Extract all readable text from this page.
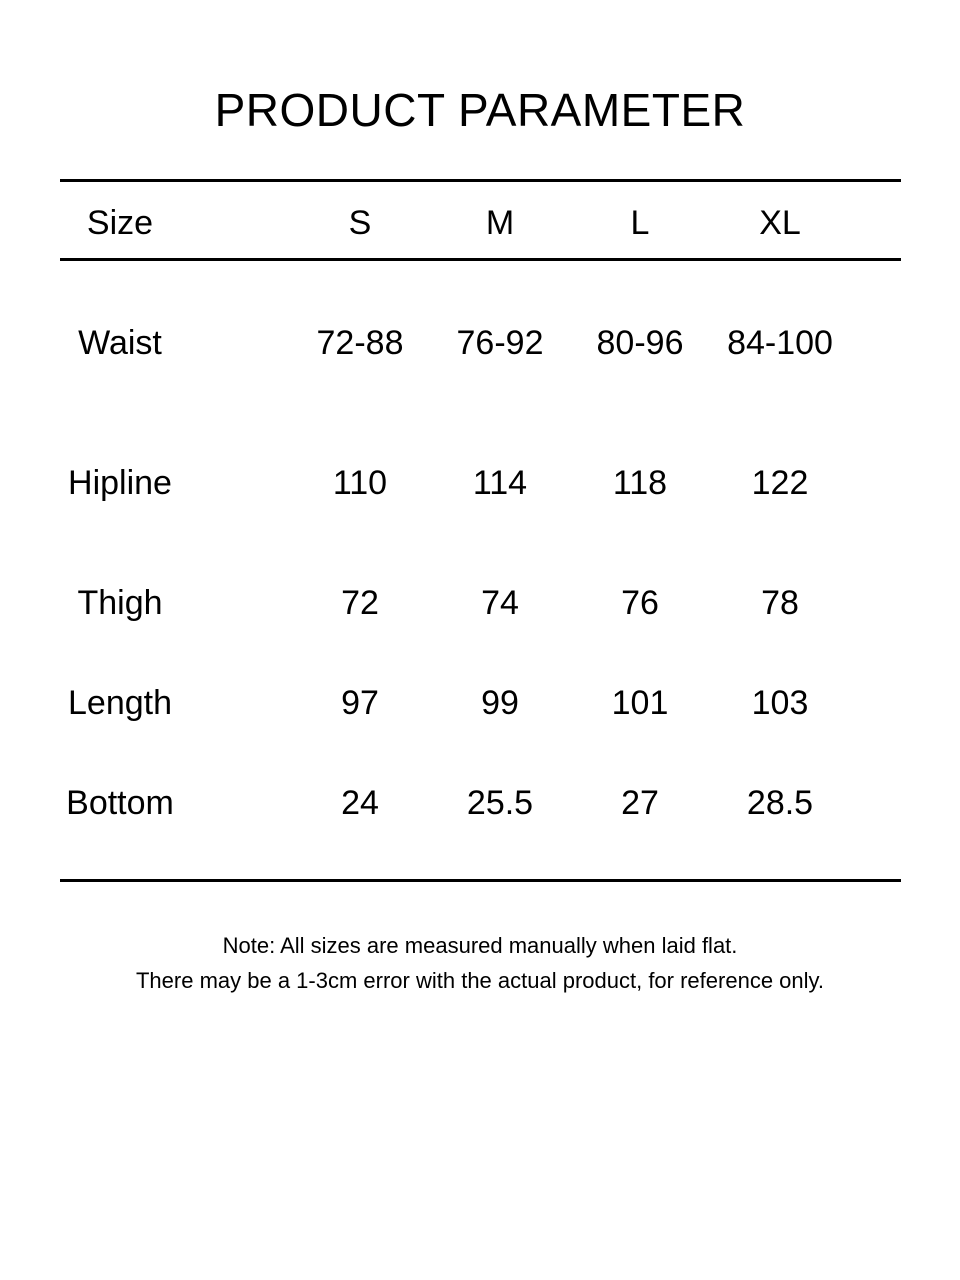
PRODUCT PARAMETER
Size	S	M	L	XL
Waist	72-88	76-92	80-96	84-100
Hipline	110	114	118	122
Thigh	72	74	76	78
Length	97	99	101	103
Bottom	24	25.5	27	28.5
Note: All sizes are measured manually when laid flat.
There may be a 1-3cm error with the actual product, for reference only.
